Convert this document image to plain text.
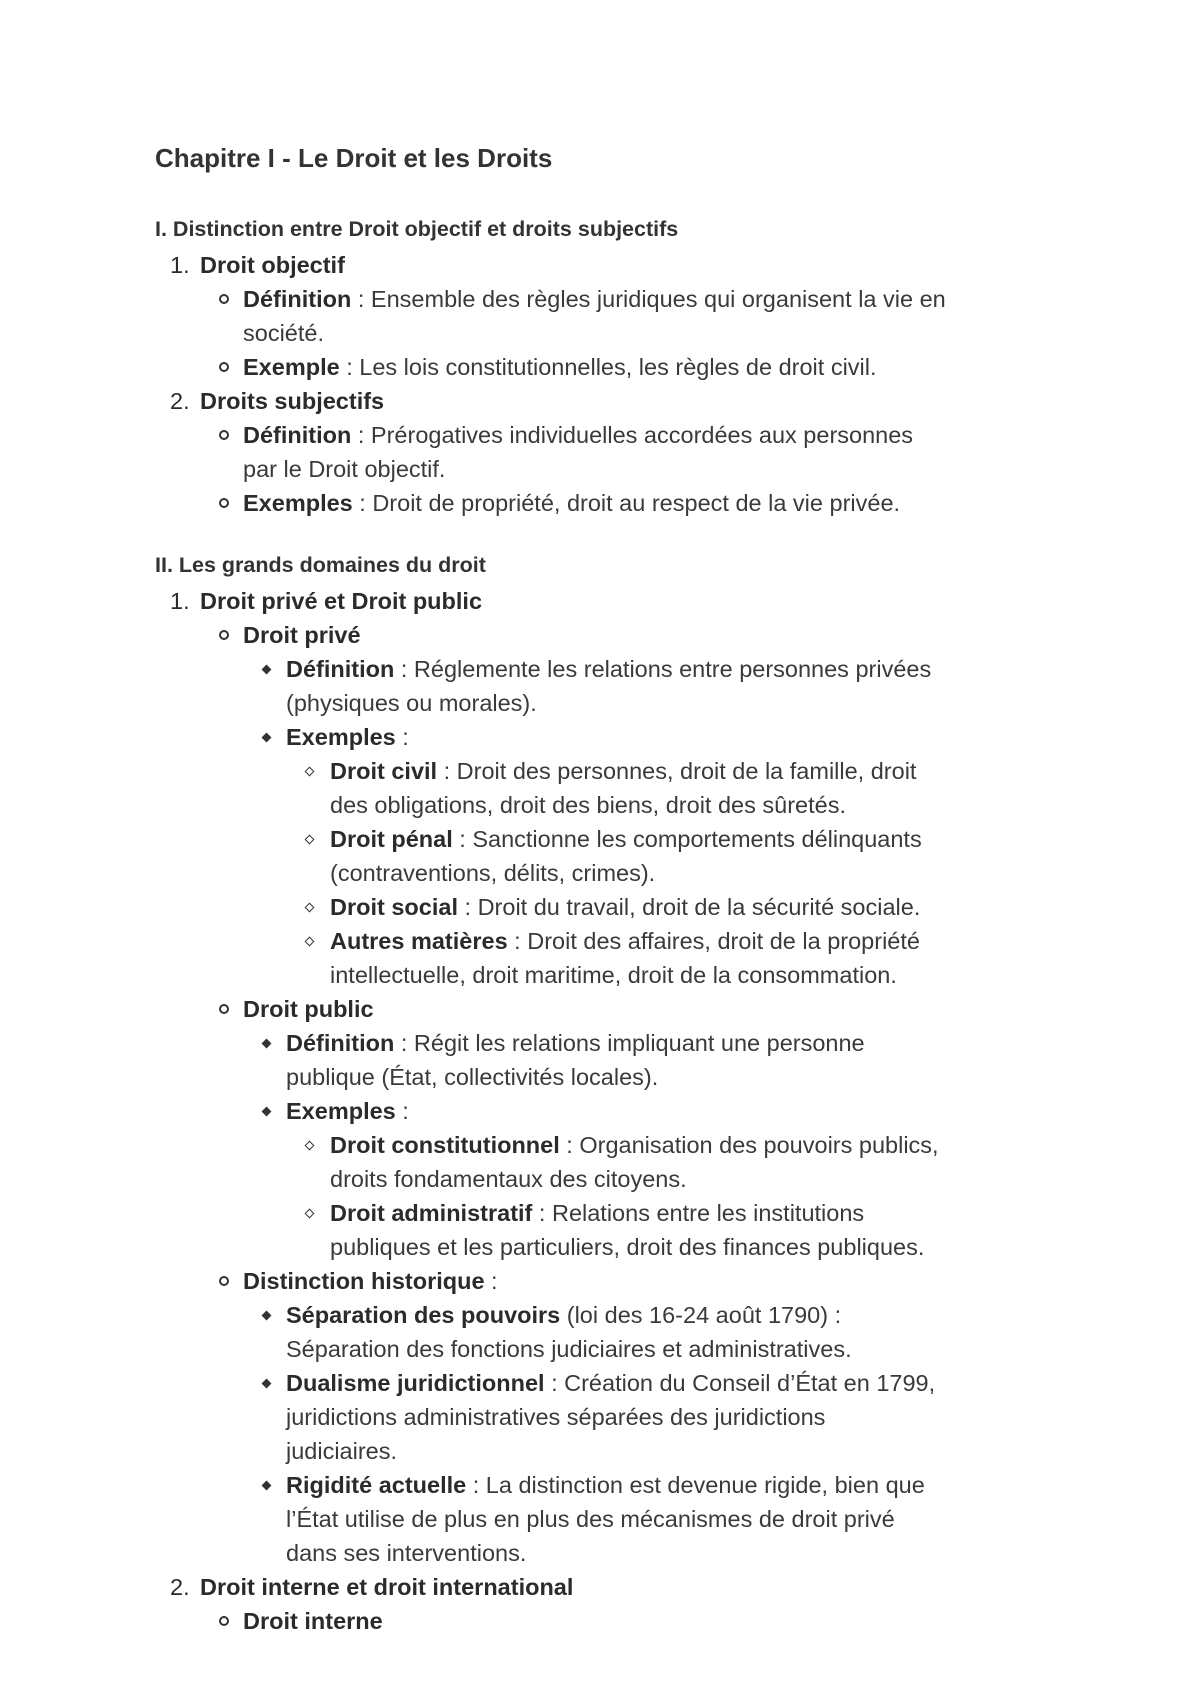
Chapitre I - Le Droit et les Droits
I. Distinction entre Droit objectif et droits subjectifs
1. Droit objectif
Définition : Ensemble des règles juridiques qui organisent la vie en
société.
Exemple : Les lois constitutionnelles, les règles de droit civil.
2. Droits subjectifs
Définition : Prérogatives individuelles accordées aux personnes
par le Droit objectif.
Exemples : Droit de propriété, droit au respect de la vie privée.
II. Les grands domaines du droit
1. Droit privé et Droit public
Droit privé
Définition : Réglemente les relations entre personnes privées
(physiques ou morales).
Exemples :
Droit civil : Droit des personnes, droit de la famille, droit
des obligations, droit des biens, droit des sûretés.
Droit pénal : Sanctionne les comportements délinquants
(contraventions, délits, crimes).
Droit social : Droit du travail, droit de la sécurité sociale.
Autres matières : Droit des affaires, droit de la propriété
intellectuelle, droit maritime, droit de la consommation.
Droit public
Définition : Régit les relations impliquant une personne
publique (État, collectivités locales).
Exemples :
Droit constitutionnel : Organisation des pouvoirs publics,
droits fondamentaux des citoyens.
Droit administratif : Relations entre les institutions
publiques et les particuliers, droit des finances publiques.
Distinction historique :
Séparation des pouvoirs (loi des 16-24 août 1790) :
Séparation des fonctions judiciaires et administratives.
Dualisme juridictionnel : Création du Conseil d’État en 1799,
juridictions administratives séparées des juridictions
judiciaires.
Rigidité actuelle : La distinction est devenue rigide, bien que
l’État utilise de plus en plus des mécanismes de droit privé
dans ses interventions.
2. Droit interne et droit international
Droit interne
